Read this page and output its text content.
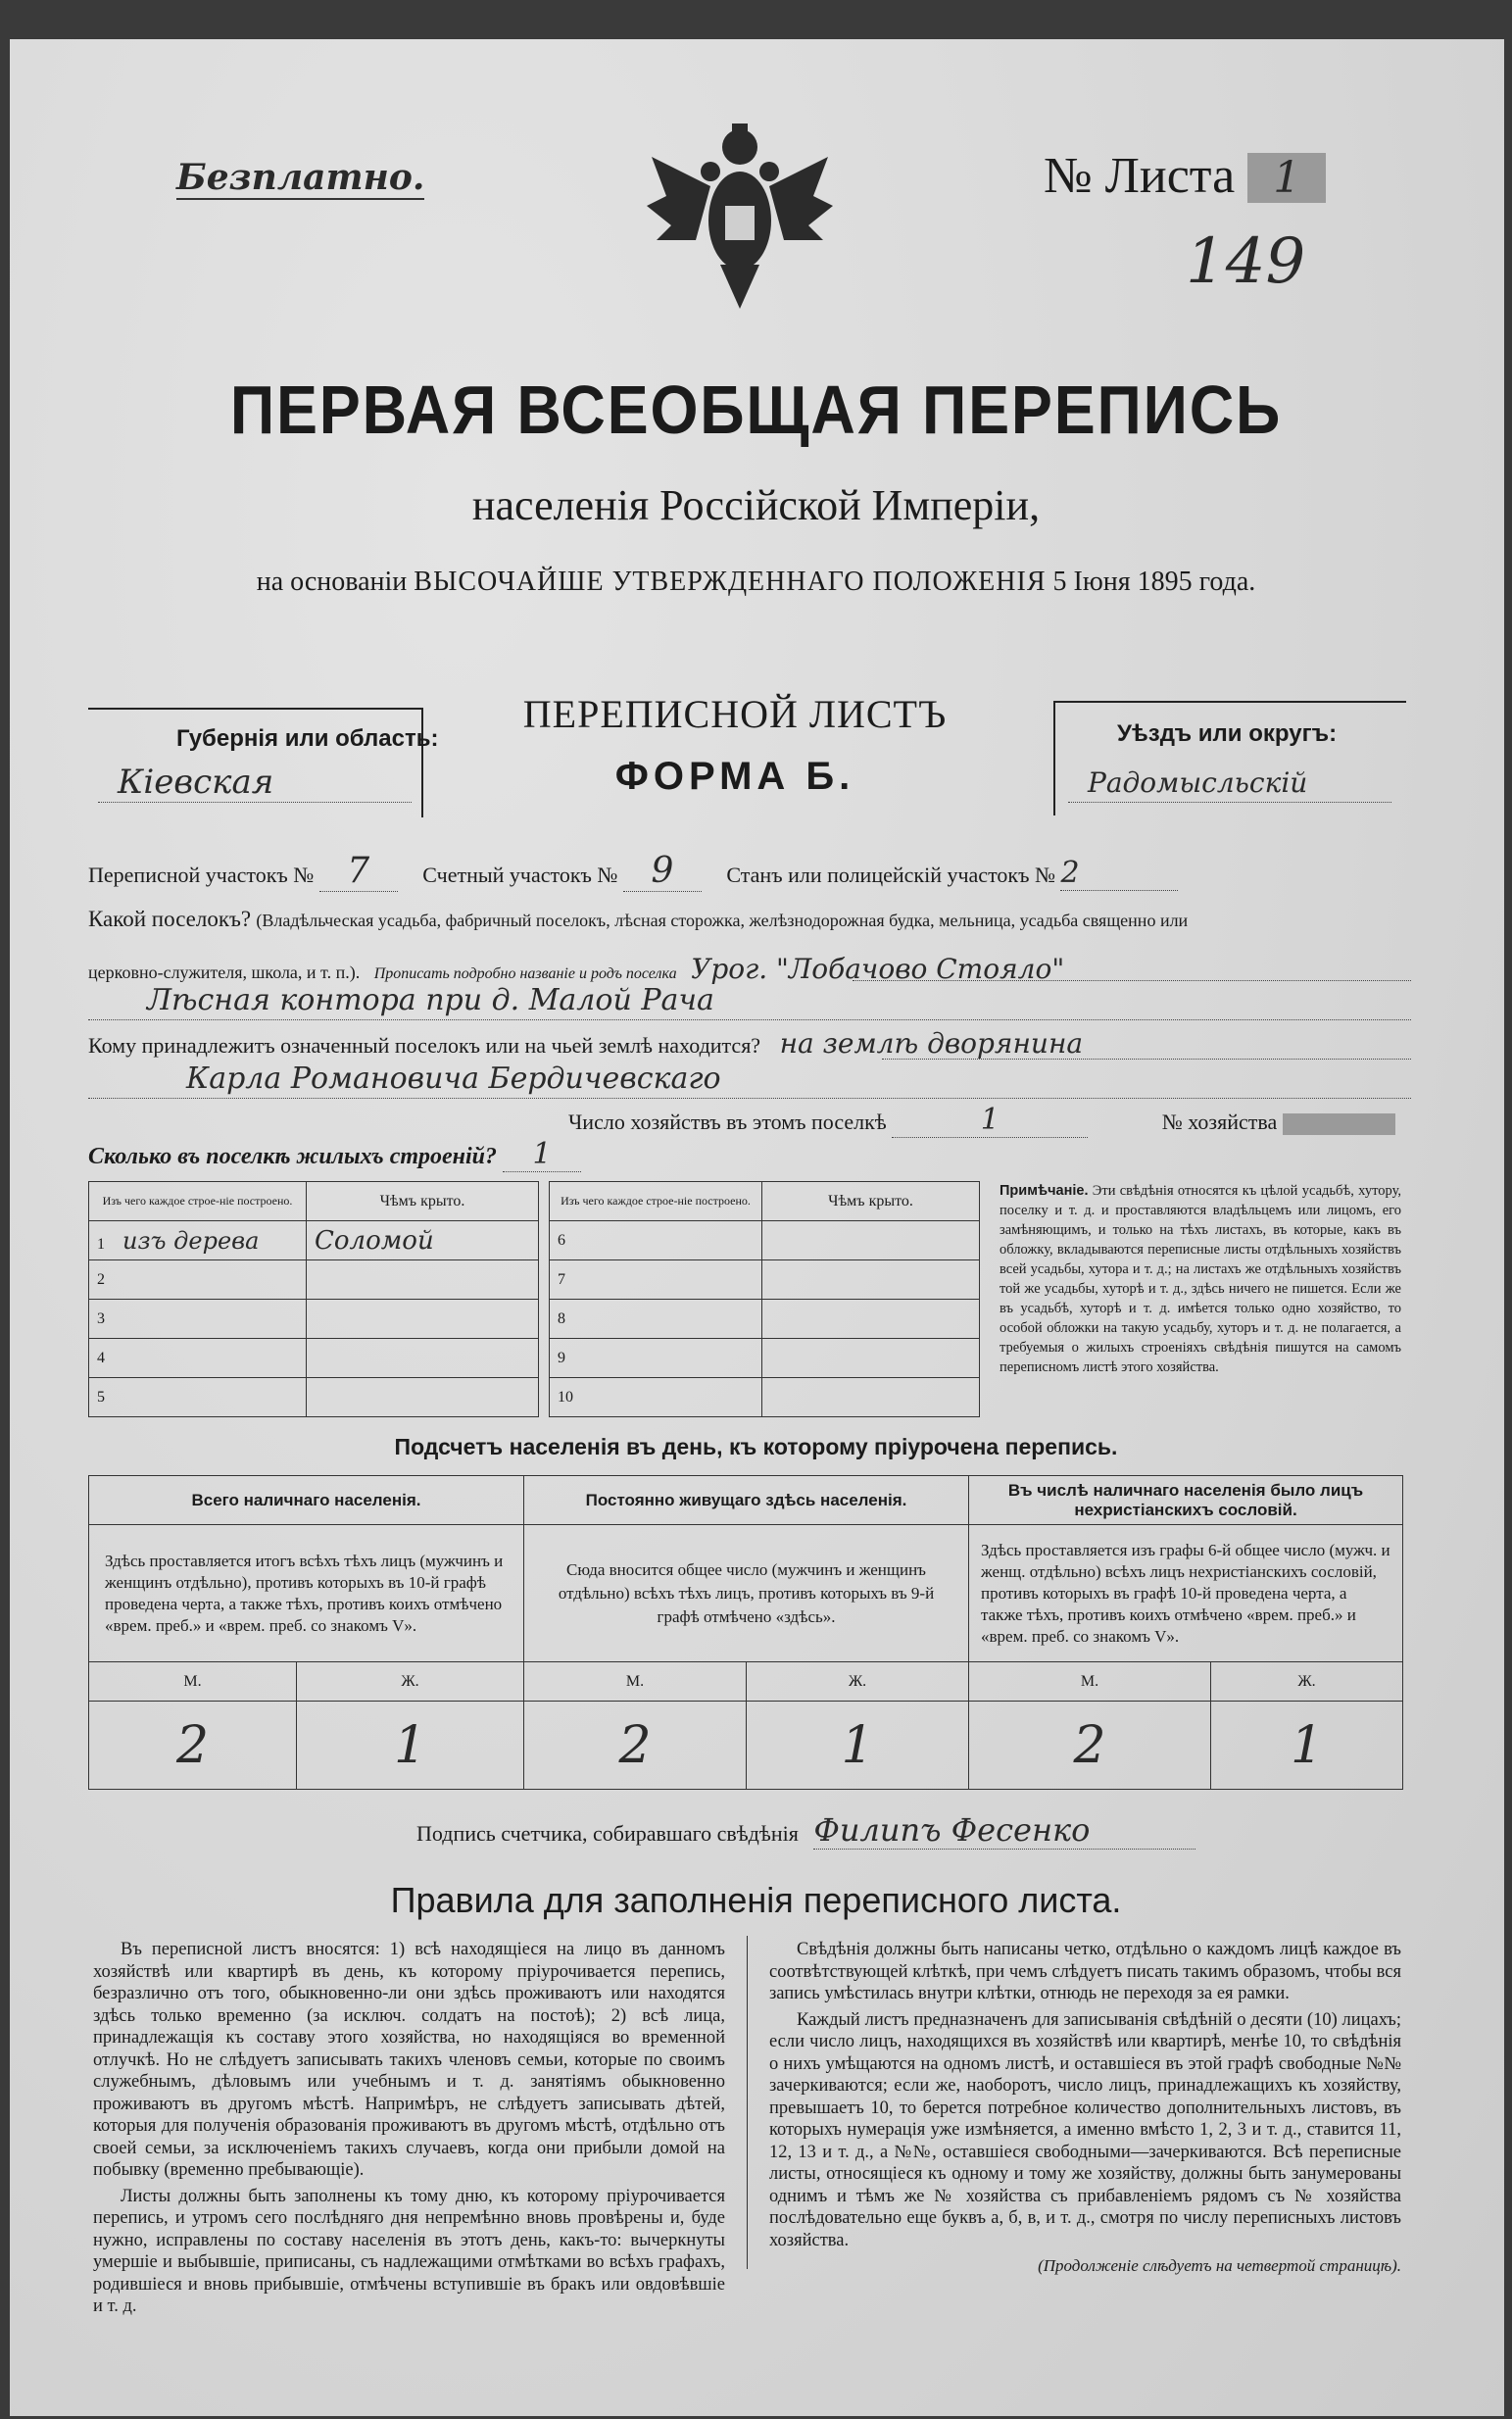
Безплатно.	№ Листа 1
149
ПЕРВАЯ ВСЕОБЩАЯ ПЕРЕПИСЬ
населенія Россійской Имперіи,
на основаніи ВЫСОЧАЙШЕ УТВЕРЖДЕННАГО ПОЛОЖЕНІЯ 5 Іюня 1895 года.
Губернія или область:
Кіевская
ПЕРЕПИСНОЙ ЛИСТЪ
ФОРМА Б.
Уѣздъ или округъ:
Радомысльскій
Переписной участокъ № 7 Счетный участокъ № 9 Станъ или полицейскій участокъ № 2
Какой поселокъ? (Владѣльческая усадьба, фабричный поселокъ, лѣсная сторожка, желѣзнодорожная будка, мельница, усадьба священно или
церковно-служителя, школа, и т. п.). Прописать подробно названіе и родъ поселка Урог. "Лобачово Стояло"
Лѣсная контора при д. Малой Рача
Кому принадлежитъ означенный поселокъ или на чьей землѣ находится? на землѣ дворянина
Карла Романовича Бердичевскаго
Число хозяйствъ въ этомъ поселкѣ	1	№ хозяйства
Сколько въ поселкѣ жилыхъ строеній? 1
Изъ чего каждое строе-ніе построено.	Чѣмъ крыто.
1 изъ дерева	Соломой
2	
3	
4	
5	
Изъ чего каждое строе-ніе построено.	Чѣмъ крыто.
6	
7	
8	
9	
10	
Примѣчаніе. Эти свѣдѣнія относятся къ цѣлой усадьбѣ, хутору, поселку и т. д. и проставляются владѣльцемъ или лицомъ, его замѣняющимъ, и только на тѣхъ листахъ, въ которые, какъ въ обложку, вкладываются переписные листы отдѣльныхъ хозяйствъ всей усадьбы, хутора и т. д.; на листахъ же отдѣльныхъ хозяйствъ той же усадьбы, хуторѣ и т. д., здѣсь ничего не пишется. Если же въ усадьбѣ, хуторѣ и т. д. имѣется только одно хозяйство, то особой обложки на такую усадьбу, хуторъ и т. д. не полагается, а требуемыя о жилыхъ строеніяхъ свѣдѣнія пишутся на самомъ переписномъ листѣ этого хозяйства.
Подсчетъ населенія въ день, къ которому пріурочена перепись.
Всего наличнаго населенія.		Постоянно живущаго здѣсь населенія.		Въ числѣ наличнаго населенія было лицъ нехристіанскихъ сословій.	
Здѣсь проставляется итогъ всѣхъ тѣхъ лицъ (мужчинъ и женщинъ отдѣльно), противъ которыхъ въ 10-й графѣ проведена черта, а также тѣхъ, противъ коихъ отмѣчено «врем. преб.» и «врем. преб. со знакомъ V».		Сюда вносится общее число (мужчинъ и женщинъ отдѣльно) всѣхъ тѣхъ лицъ, противъ которыхъ въ 9-й графѣ отмѣчено «здѣсь».		Здѣсь проставляется изъ графы 6-й общее число (мужч. и женщ. отдѣльно) всѣхъ лицъ нехристіанскихъ сословій, противъ которыхъ въ графѣ 10-й проведена черта, а также тѣхъ, противъ коихъ отмѣчено «врем. преб.» и «врем. преб. со знакомъ V».	
М.	Ж.	М.	Ж.	М.	Ж.
2	1	2	1	2	1
Подпись счетчика, собиравшаго свѣдѣнія Филипъ Фесенко
Правила для заполненія переписного листа.

Въ переписной листъ вносятся: 1) всѣ находящіеся на лицо въ данномъ хозяйствѣ или квартирѣ въ день, къ которому пріурочивается перепись, безразлично отъ того, обыкновенно-ли они здѣсь проживаютъ или находятся здѣсь только временно (за исключ. солдатъ на постоѣ); 2) всѣ лица, принадлежащія къ составу этого хозяйства, но находящіяся во временной отлучкѣ. Но не слѣдуетъ записывать такихъ членовъ семьи, которые по своимъ служебнымъ, дѣловымъ или учебнымъ и т. д. занятіямъ обыкновенно проживаютъ въ другомъ мѣстѣ. Напримѣръ, не слѣдуетъ записывать дѣтей, которыя для полученія образованія проживаютъ въ другомъ мѣстѣ, отдѣльно отъ своей семьи, за исключеніемъ такихъ случаевъ, когда они прибыли домой на побывку (временно пребывающіе).

Листы должны быть заполнены къ тому дню, къ которому пріурочивается перепись, и утромъ сего послѣдняго дня непремѣнно вновь провѣрены и, буде нужно, исправлены по составу населенія въ этотъ день, какъ-то: вычеркнуты умершіе и выбывшіе, приписаны, съ надлежащими отмѣтками во всѣхъ графахъ, родившіеся и вновь прибывшіе, отмѣчены вступившіе въ бракъ или овдовѣвшіе и т. д.

Свѣдѣнія должны быть написаны четко, отдѣльно о каждомъ лицѣ каждое въ соотвѣтствующей клѣткѣ, при чемъ слѣдуетъ писать такимъ образомъ, чтобы вся запись умѣстилась внутри клѣтки, отнюдь не переходя за ея рамки.

Каждый листъ предназначенъ для записыванія свѣдѣній о десяти (10) лицахъ; если число лицъ, находящихся въ хозяйствѣ или квартирѣ, менѣе 10, то свѣдѣнія о нихъ умѣщаются на одномъ листѣ, и оставшіеся въ этой графѣ свободные №№ зачеркиваются; если же, наоборотъ, число лицъ, принадлежащихъ къ хозяйству, превышаетъ 10, то берется потребное количество дополнительныхъ листовъ, въ которыхъ нумерація уже измѣняется, а именно вмѣсто 1, 2, 3 и т. д., ставится 11, 12, 13 и т. д., а №№, оставшіеся свободными—зачеркиваются. Всѣ переписные листы, относящіеся къ одному и тому же хозяйству, должны быть занумерованы однимъ и тѣмъ же № хозяйства съ прибавленіемъ рядомъ съ № хозяйства послѣдовательно еще буквъ а, б, в, и т. д., смотря по числу переписныхъ листовъ хозяйства.

(Продолженіе слѣдуетъ на четвертой страницѣ).
